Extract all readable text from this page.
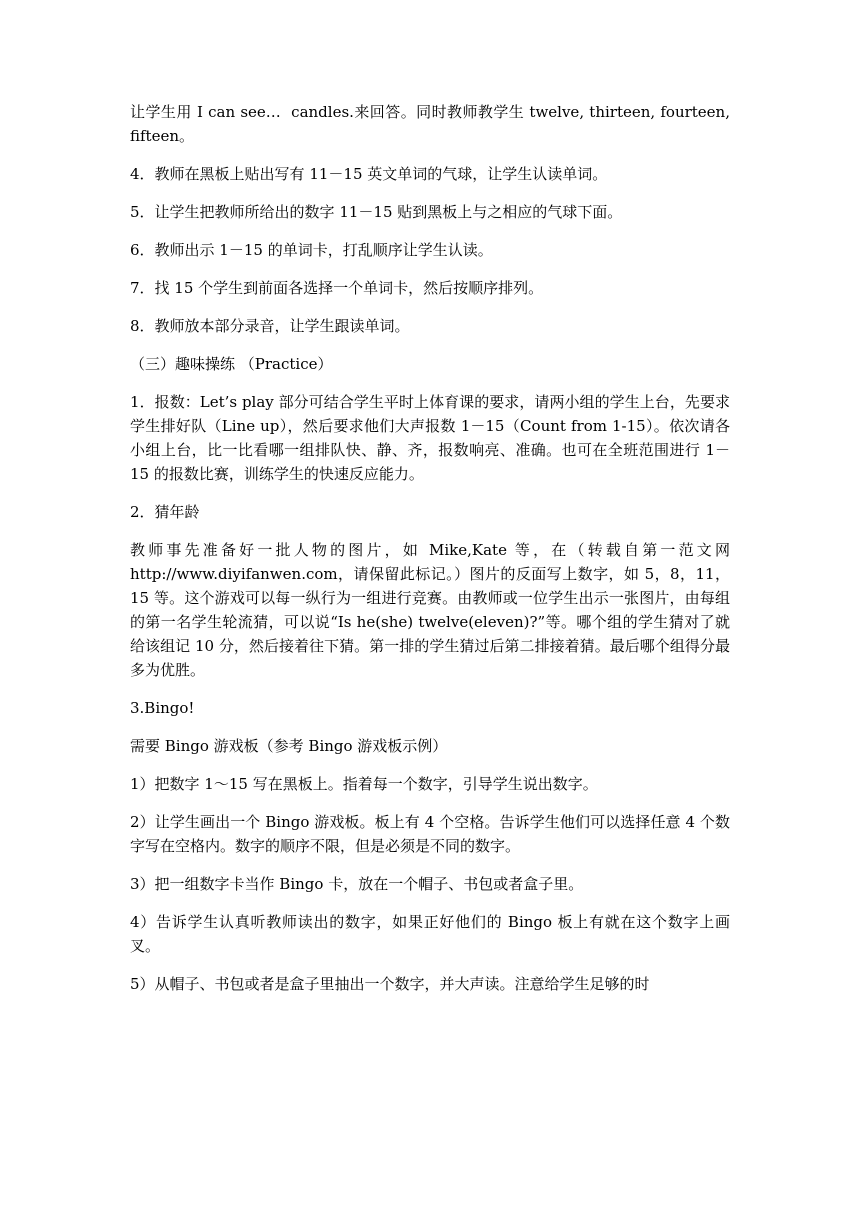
让学生用 I can see…  candles.来回答。同时教师教学生 twelve, thirteen, fourteen, fifteen。

4．教师在黑板上贴出写有 11－15 英文单词的气球，让学生认读单词。

5．让学生把教师所给出的数字 11－15 贴到黑板上与之相应的气球下面。

6．教师出示 1－15 的单词卡，打乱顺序让学生认读。

7．找 15 个学生到前面各选择一个单词卡，然后按顺序排列。

8．教师放本部分录音，让学生跟读单词。

（三）趣味操练 （Practice）

1．报数：Let’s play 部分可结合学生平时上体育课的要求，请两小组的学生上台，先要求学生排好队（Line up），然后要求他们大声报数 1－15（Count from 1-15）。依次请各小组上台，比一比看哪一组排队快、静、齐，报数响亮、准确。也可在全班范围进行 1－15 的报数比赛，训练学生的快速反应能力。

2．猜年龄

教师事先准备好一批人物的图片，如 Mike,Kate 等，在（转载自第一范文网 http://www.diyifanwen.com，请保留此标记。）图片的反面写上数字，如 5，8，11，15 等。这个游戏可以每一纵行为一组进行竞赛。由教师或一位学生出示一张图片，由每组的第一名学生轮流猜，可以说“Is he(she) twelve(eleven)?”等。哪个组的学生猜对了就给该组记 10 分，然后接着往下猜。第一排的学生猜过后第二排接着猜。最后哪个组得分最多为优胜。

3.Bingo!

需要 Bingo 游戏板（参考 Bingo 游戏板示例）

1）把数字 1～15 写在黑板上。指着每一个数字，引导学生说出数字。

2）让学生画出一个 Bingo 游戏板。板上有 4 个空格。告诉学生他们可以选择任意 4 个数字写在空格内。数字的顺序不限，但是必须是不同的数字。

3）把一组数字卡当作 Bingo 卡，放在一个帽子、书包或者盒子里。

4）告诉学生认真听教师读出的数字，如果正好他们的 Bingo 板上有就在这个数字上画叉。

5）从帽子、书包或者是盒子里抽出一个数字，并大声读。注意给学生足够的时
